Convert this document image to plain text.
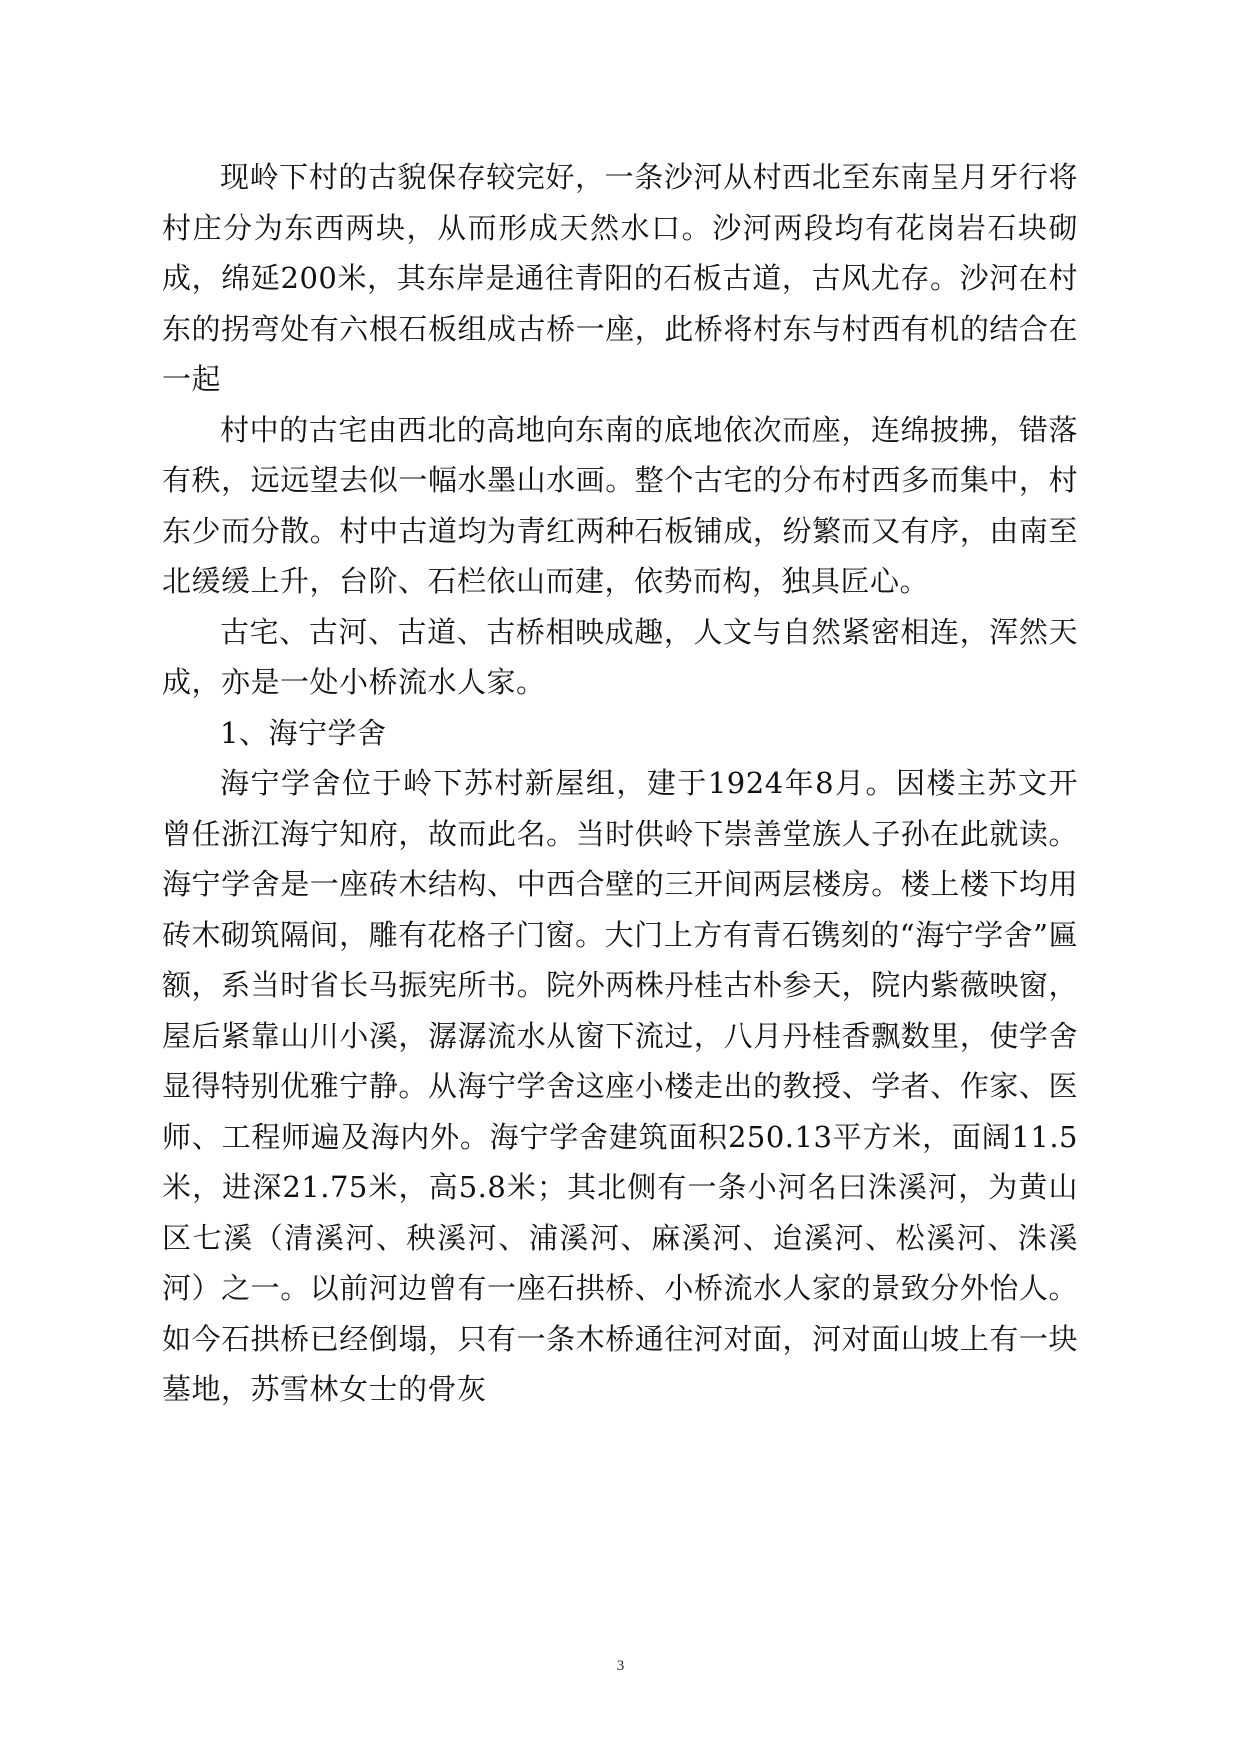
现岭下村的古貌保存较完好，一条沙河从村西北至东南呈月牙行将村庄分为东西两块，从而形成天然水口。沙河两段均有花岗岩石块砌成，绵延200米，其东岸是通往青阳的石板古道，古风尤存。沙河在村东的拐弯处有六根石板组成古桥一座，此桥将村东与村西有机的结合在一起

村中的古宅由西北的高地向东南的底地依次而座，连绵披拂，错落有秩，远远望去似一幅水墨山水画。整个古宅的分布村西多而集中，村东少而分散。村中古道均为青红两种石板铺成，纷繁而又有序，由南至北缓缓上升，台阶、石栏依山而建，依势而构，独具匠心。

古宅、古河、古道、古桥相映成趣，人文与自然紧密相连，浑然天成，亦是一处小桥流水人家。

1、海宁学舍

海宁学舍位于岭下苏村新屋组，建于1924年8月。因楼主苏文开曾任浙江海宁知府，故而此名。当时供岭下崇善堂族人子孙在此就读。海宁学舍是一座砖木结构、中西合壁的三开间两层楼房。楼上楼下均用砖木砌筑隔间，雕有花格子门窗。大门上方有青石镌刻的“海宁学舍”匾额，系当时省长马振宪所书。院外两株丹桂古朴参天，院内紫薇映窗，屋后紧靠山川小溪，潺潺流水从窗下流过，八月丹桂香飘数里，使学舍显得特别优雅宁静。从海宁学舍这座小楼走出的教授、学者、作家、医师、工程师遍及海内外。海宁学舍建筑面积250.13平方米，面阔11.5米，进深21.75米，高5.8米；其北侧有一条小河名曰洙溪河，为黄山区七溪（清溪河、秧溪河、浦溪河、麻溪河、迨溪河、松溪河、洙溪河）之一。以前河边曾有一座石拱桥、小桥流水人家的景致分外怡人。如今石拱桥已经倒塌，只有一条木桥通往河对面，河对面山坡上有一块墓地，苏雪林女士的骨灰

3
